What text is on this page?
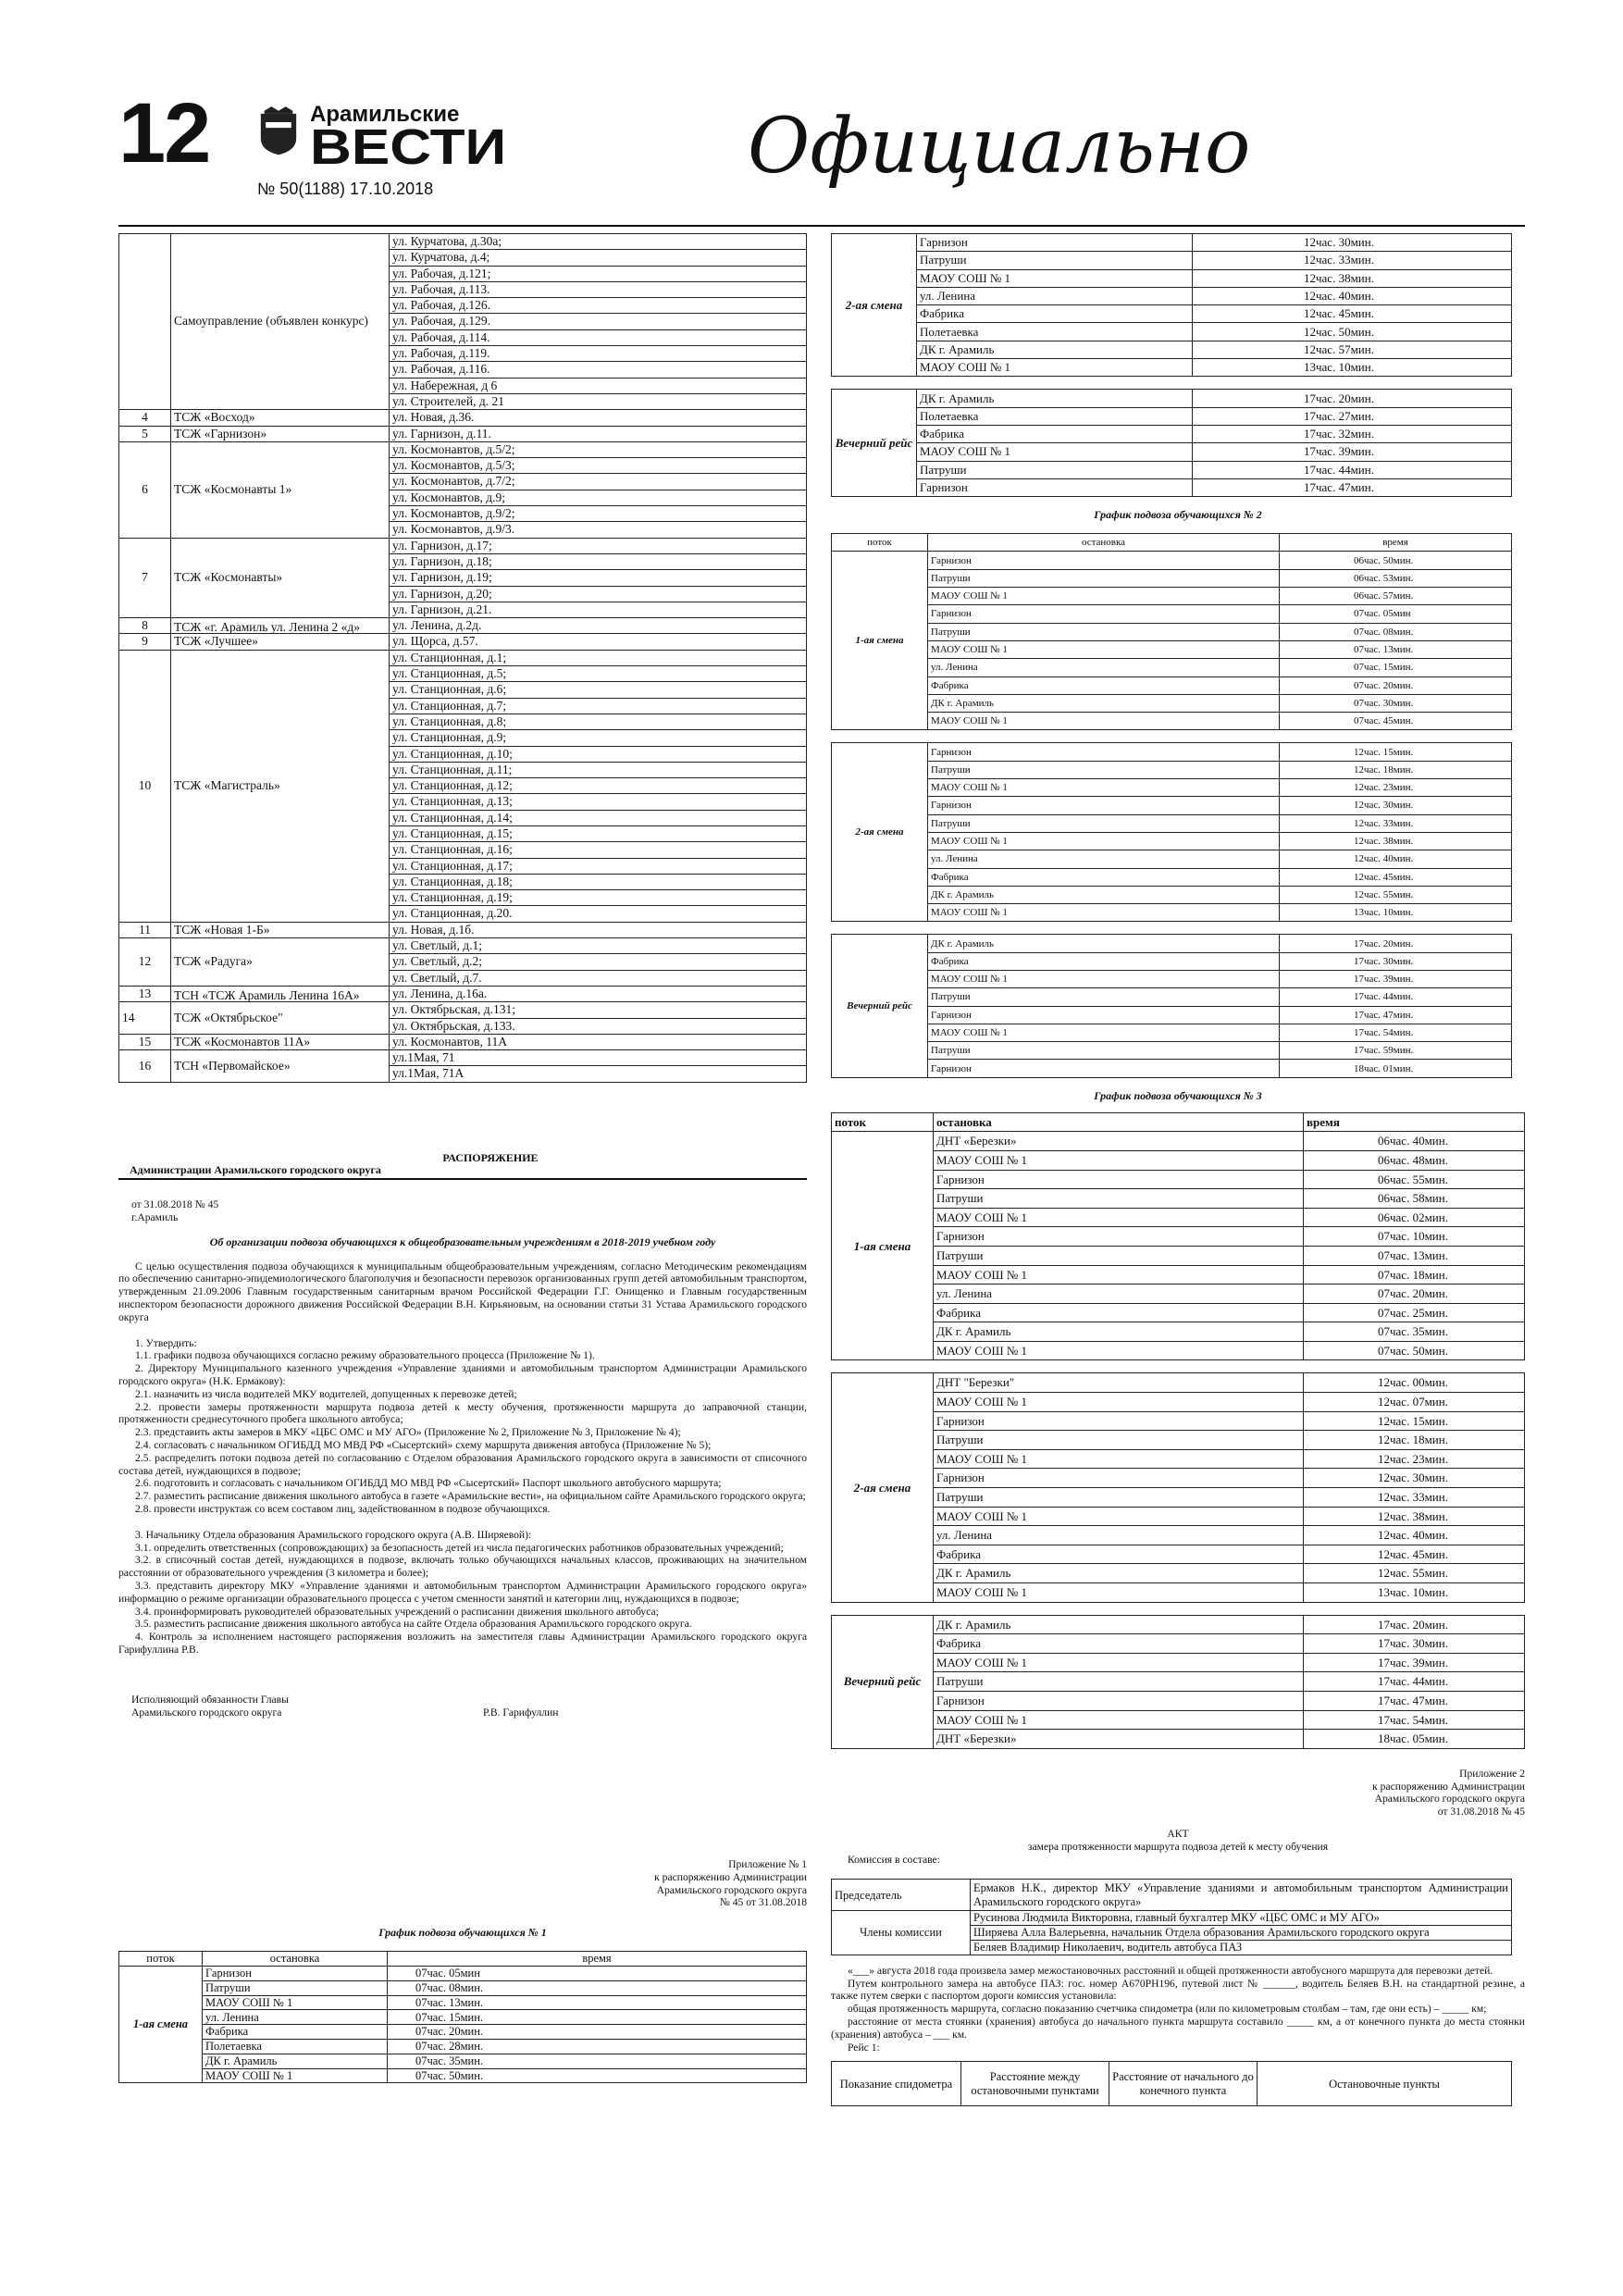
12	Арамильские
ВЕСТИ
№ 50(1188) 17.10.2018	Официально
	Самоуправление (объявлен конкурс)	ул. Курчатова, д.30а;
		ул. Курчатова, д.4;
		ул. Рабочая, д.121;
		ул. Рабочая, д.113.
		ул. Рабочая, д.126.
		ул. Рабочая, д.129.
		ул. Рабочая, д.114.
		ул. Рабочая, д.119.
		ул. Рабочая, д.116.
		ул. Набережная, д 6
		ул. Строителей, д. 21
4	ТСЖ «Восход»	ул. Новая, д.36.
5	ТСЖ «Гарнизон»	ул. Гарнизон, д.11.
6	ТСЖ «Космонавты 1»	ул. Космонавтов, д.5/2;
		ул. Космонавтов, д.5/3;
		ул. Космонавтов, д.7/2;
		ул. Космонавтов, д.9;
		ул. Космонавтов, д.9/2;
		ул. Космонавтов, д.9/3.
7	ТСЖ «Космонавты»	ул. Гарнизон, д.17;
		ул. Гарнизон, д.18;
		ул. Гарнизон, д.19;
		ул. Гарнизон, д.20;
		ул. Гарнизон, д.21.
8	ТСЖ «г. Арамиль ул. Ленина 2 «д»	ул. Ленина, д.2д.
9	ТСЖ «Лучшее»	ул. Щорса, д.57.
10	ТСЖ «Магистраль»	ул. Станционная, д.1;
		ул. Станционная, д.5;
		ул. Станционная, д.6;
		ул. Станционная, д.7;
		ул. Станционная, д.8;
		ул. Станционная, д.9;
		ул. Станционная, д.10;
		ул. Станционная, д.11;
		ул. Станционная, д.12;
		ул. Станционная, д.13;
		ул. Станционная, д.14;
		ул. Станционная, д.15;
		ул. Станционная, д.16;
		ул. Станционная, д.17;
		ул. Станционная, д.18;
		ул. Станционная, д.19;
		ул. Станционная, д.20.
11	ТСЖ «Новая 1-Б»	ул. Новая, д.1б.
12	ТСЖ «Радуга»	ул. Светлый, д.1;
		ул. Светлый, д.2;
		ул. Светлый, д.7.
13	ТСН «ТСЖ Арамиль Ленина 16А»	ул. Ленина, д.16а.
14	ТСЖ «Октябрьское"	ул. Октябрьская, д.131;
		ул. Октябрьская, д.133.
15	ТСЖ «Космонавтов 11А»	ул. Космонавтов, 11А
16	ТСН «Первомайское»	ул.1Мая, 71
		ул.1Мая, 71А
РАСПОРЯЖЕНИЕ
Администрации Арамильского городского округа
от 31.08.2018 № 45
г.Арамиль
Об организации подвоза обучающихся к общеобразовательным учреждениям в 2018-2019 учебном году
С целью осуществления подвоза обучающихся к муниципальным общеобразовательным учреждениям, согласно Методическим рекомендациям по обеспечению санитарно-эпидемиологического благополучия и безопасности перевозок организованных групп детей автомобильным транспортом, утвержденным 21.09.2006 Главным государственным санитарным врачом Российской Федерации Г.Г. Онищенко и Главным государственным инспектором безопасности дорожного движения Российской Федерации В.Н. Кирьяновым, на основании статьи 31 Устава Арамильского городского округа
1. Утвердить:
1.1. графики подвоза обучающихся согласно режиму образовательного процесса (Приложение № 1).
2. Директору Муниципального казенного учреждения «Управление зданиями и автомобильным транспортом Администрации Арамильского городского округа» (Н.К. Ермакову):
2.1. назначить из числа водителей МКУ водителей, допущенных к перевозке детей;
2.2. провести замеры протяженности маршрута подвоза детей к месту обучения, протяженности маршрута до заправочной станции, протяженности среднесуточного пробега школьного автобуса;
2.3. представить акты замеров в МКУ «ЦБС ОМС и МУ АГО» (Приложение № 2, Приложение № 3, Приложение № 4);
2.4. согласовать с начальником ОГИБДД МО МВД РФ «Сысертский» схему маршрута движения автобуса (Приложение № 5);
2.5. распределить потоки подвоза детей по согласованию с Отделом образования Арамильского городского округа в зависимости от списочного состава детей, нуждающихся в подвозе;
2.6. подготовить и согласовать с начальником ОГИБДД МО МВД РФ «Сысертский» Паспорт школьного автобусного маршрута;
2.7. разместить расписание движения школьного автобуса в газете «Арамильские вести», на официальном сайте Арамильского городского округа;
2.8. провести инструктаж со всем составом лиц, задействованном в подвозе обучающихся.
3. Начальнику Отдела образования Арамильского городского округа (А.В. Ширяевой):
3.1. определить ответственных (сопровождающих) за безопасность детей из числа педагогических работников образовательных учреждений;
3.2. в списочный состав детей, нуждающихся в подвозе, включать только обучающихся начальных классов, проживающих на значительном расстоянии от образовательного учреждения (3 километра и более);
3.3. представить директору МКУ «Управление зданиями и автомобильным транспортом Администрации Арамильского городского округа» информацию о режиме организации образовательного процесса с учетом сменности занятий и категории лиц, нуждающихся в подвозе;
3.4. проинформировать руководителей образовательных учреждений о расписании движения школьного автобуса;
3.5. разместить расписание движения школьного автобуса на сайте Отдела образования Арамильского городского округа.
4. Контроль за исполнением настоящего распоряжения возложить на заместителя главы Администрации Арамильского городского округа Гарифуллина Р.В.
Исполняющий обязанности Главы
Арамильского городского округа	Р.В. Гарифуллин
Приложение № 1
к распоряжению Администрации
Арамильского городского округа
№ 45 от 31.08.2018
График подвоза обучающихся № 1
поток	остановка	время
1-ая смена	Гарнизон	07час. 05мин
	Патруши	07час. 08мин.
	МАОУ СОШ № 1	07час. 13мин.
	ул. Ленина	07час. 15мин.
	Фабрика	07час. 20мин.
	Полетаевка	07час. 28мин.
	ДК г. Арамиль	07час. 35мин.
	МАОУ СОШ № 1	07час. 50мин.
2-ая смена	Гарнизон	12час. 30мин.
	Патруши	12час. 33мин.
	МАОУ СОШ № 1	12час. 38мин.
	ул. Ленина	12час. 40мин.
	Фабрика	12час. 45мин.
	Полетаевка	12час. 50мин.
	ДК г. Арамиль	12час. 57мин.
	МАОУ СОШ № 1	13час. 10мин.

Вечерний рейс	ДК г. Арамиль	17час. 20мин.
	Полетаевка	17час. 27мин.
	Фабрика	17час. 32мин.
	МАОУ СОШ № 1	17час. 39мин.
	Патруши	17час. 44мин.
	Гарнизон	17час. 47мин.
График подвоза обучающихся № 2
поток	остановка	время
1-ая смена	Гарнизон	06час. 50мин.
	Патруши	06час. 53мин.
	МАОУ СОШ № 1	06час. 57мин.
	Гарнизон	07час. 05мин
	Патруши	07час. 08мин.
	МАОУ СОШ № 1	07час. 13мин.
	ул. Ленина	07час. 15мин.
	Фабрика	07час. 20мин.
	ДК г. Арамиль	07час. 30мин.
	МАОУ СОШ № 1	07час. 45мин.

2-ая смена	Гарнизон	12час. 15мин.
	Патруши	12час. 18мин.
	МАОУ СОШ № 1	12час. 23мин.
	Гарнизон	12час. 30мин.
	Патруши	12час. 33мин.
	МАОУ СОШ № 1	12час. 38мин.
	ул. Ленина	12час. 40мин.
	Фабрика	12час. 45мин.
	ДК г. Арамиль	12час. 55мин.
	МАОУ СОШ № 1	13час. 10мин.

Вечерний рейс	ДК г. Арамиль	17час. 20мин.
	Фабрика	17час. 30мин.
	МАОУ СОШ № 1	17час. 39мин.
	Патруши	17час. 44мин.
	Гарнизон	17час. 47мин.
	МАОУ СОШ № 1	17час. 54мин.
	Патруши	17час. 59мин.
	Гарнизон	18час. 01мин.
График подвоза обучающихся № 3
поток	остановка	время
1-ая смена	ДНТ «Березки»	06час. 40мин.
	МАОУ СОШ № 1	06час. 48мин.
	Гарнизон	06час. 55мин.
	Патруши	06час. 58мин.
	МАОУ СОШ № 1	06час. 02мин.
	Гарнизон	07час. 10мин.
	Патруши	07час. 13мин.
	МАОУ СОШ № 1	07час. 18мин.
	ул. Ленина	07час. 20мин.
	Фабрика	07час. 25мин.
	ДК г. Арамиль	07час. 35мин.
	МАОУ СОШ № 1	07час. 50мин.

2-ая смена	ДНТ "Березки"	12час. 00мин.
	МАОУ СОШ № 1	12час. 07мин.
	Гарнизон	12час. 15мин.
	Патруши	12час. 18мин.
	МАОУ СОШ № 1	12час. 23мин.
	Гарнизон	12час. 30мин.
	Патруши	12час. 33мин.
	МАОУ СОШ № 1	12час. 38мин.
	ул. Ленина	12час. 40мин.
	Фабрика	12час. 45мин.
	ДК г. Арамиль	12час. 55мин.
	МАОУ СОШ № 1	13час. 10мин.

Вечерний рейс	ДК г. Арамиль	17час. 20мин.
	Фабрика	17час. 30мин.
	МАОУ СОШ № 1	17час. 39мин.
	Патруши	17час. 44мин.
	Гарнизон	17час. 47мин.
	МАОУ СОШ № 1	17час. 54мин.
	ДНТ «Березки»	18час. 05мин.
Приложение 2
к распоряжению Администрации
Арамильского городского округа
от 31.08.2018 № 45
АКТ
замера протяженности маршрута подвоза детей к месту обучения
Комиссия в составе:
Председатель	Ермаков Н.К., директор МКУ «Управление зданиями и автомобильным транспортом Администрации Арамильского городского округа»
Члены комиссии	Русинова Людмила Викторовна, главный бухгалтер МКУ «ЦБС ОМС и МУ АГО»
	Ширяева Алла Валерьевна, начальник Отдела образования Арамильского городского округа
	Беляев Владимир Николаевич, водитель автобуса ПАЗ
«___» августа 2018 года произвела замер межостановочных расстояний и общей протяженности автобусного маршрута для перевозки детей.
Путем контрольного замера на автобусе ПАЗ: гос. номер А670РН196, путевой лист № ______, водитель Беляев В.Н. на стандартной резине, а также путем сверки с паспортом дороги комиссия установила:
общая протяженность маршрута, согласно показанию счетчика спидометра (или по километровым столбам – там, где они есть) – _____ км;
расстояние от места стоянки (хранения) автобуса до начального пункта маршрута составило _____ км, а от конечного пункта до места стоянки (хранения) автобуса – ___ км.
Рейс 1:
Показание спидометра	Расстояние между остановочными пунктами	Расстояние от начального до конечного пункта	Остановочные пункты
